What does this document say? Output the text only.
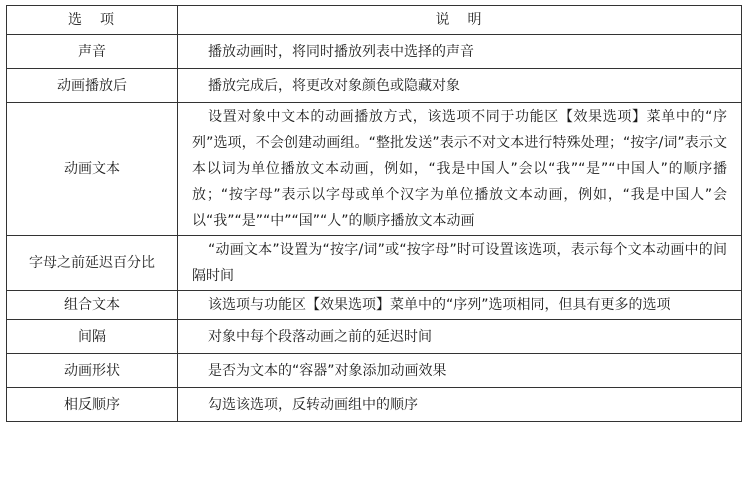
选　项	说　明
声音	播放动画时，将同时播放列表中选择的声音
动画播放后	播放完成后，将更改对象颜色或隐藏对象
动画文本	设置对象中文本的动画播放方式，该选项不同于功能区【效果选项】菜单中的“序列”选项，不会创建动画组。“整批发送”表示不对文本进行特殊处理；“按字/词”表示文本以词为单位播放文本动画，例如，“我是中国人”会以“我”“是”“中国人”的顺序播放；“按字母”表示以字母或单个汉字为单位播放文本动画，例如，“我是中国人”会以“我”“是”“中”“国”“人”的顺序播放文本动画
字母之前延迟百分比	“动画文本”设置为“按字/词”或“按字母”时可设置该选项，表示每个文本动画中的间隔时间
组合文本	该选项与功能区【效果选项】菜单中的“序列”选项相同，但具有更多的选项
间隔	对象中每个段落动画之前的延迟时间
动画形状	是否为文本的“容器”对象添加动画效果
相反顺序	勾选该选项，反转动画组中的顺序
